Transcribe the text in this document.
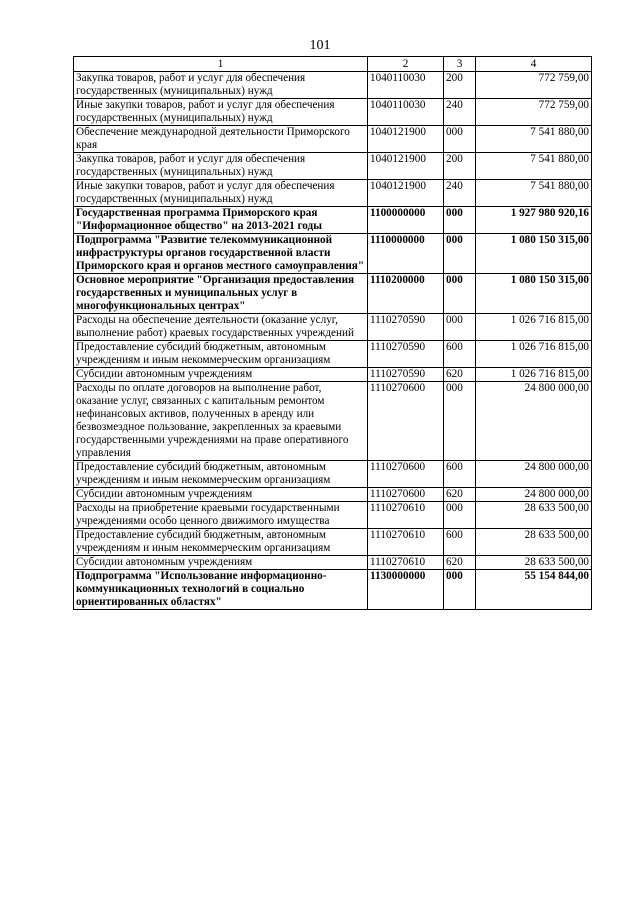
101
1	2	3	4
Закупка товаров, работ и услуг для обеспечения государственных (муниципальных) нужд	1040110030	200	772 759,00
Иные закупки товаров, работ и услуг для обеспечения государственных (муниципальных) нужд	1040110030	240	772 759,00
Обеспечение международной деятельности Приморского края	1040121900	000	7 541 880,00
Закупка товаров, работ и услуг для обеспечения государственных (муниципальных) нужд	1040121900	200	7 541 880,00
Иные закупки товаров, работ и услуг для обеспечения государственных (муниципальных) нужд	1040121900	240	7 541 880,00
Государственная программа Приморского края "Информационное общество" на 2013-2021 годы	1100000000	000	1 927 980 920,16
Подпрограмма "Развитие телекоммуникационной инфраструктуры органов государственной власти Приморского края и органов местного самоуправления"	1110000000	000	1 080 150 315,00
Основное мероприятие "Организация предоставления государственных и муниципальных услуг в многофункциональных центрах"	1110200000	000	1 080 150 315,00
Расходы на обеспечение деятельности (оказание услуг, выполнение работ) краевых государственных учреждений	1110270590	000	1 026 716 815,00
Предоставление субсидий бюджетным, автономным учреждениям и иным некоммерческим организациям	1110270590	600	1 026 716 815,00
Субсидии автономным учреждениям	1110270590	620	1 026 716 815,00
Расходы по оплате договоров на выполнение работ, оказание услуг, связанных с капитальным ремонтом нефинансовых активов, полученных в аренду или безвозмездное пользование, закрепленных за краевыми государственными учреждениями на праве оперативного управления	1110270600	000	24 800 000,00
Предоставление субсидий бюджетным, автономным учреждениям и иным некоммерческим организациям	1110270600	600	24 800 000,00
Субсидии автономным учреждениям	1110270600	620	24 800 000,00
Расходы на приобретение краевыми государственными учреждениями особо ценного движимого имущества	1110270610	000	28 633 500,00
Предоставление субсидий бюджетным, автономным учреждениям и иным некоммерческим организациям	1110270610	600	28 633 500,00
Субсидии автономным учреждениям	1110270610	620	28 633 500,00
Подпрограмма "Использование информационно-коммуникационных технологий в социально ориентированных областях"	1130000000	000	55 154 844,00
